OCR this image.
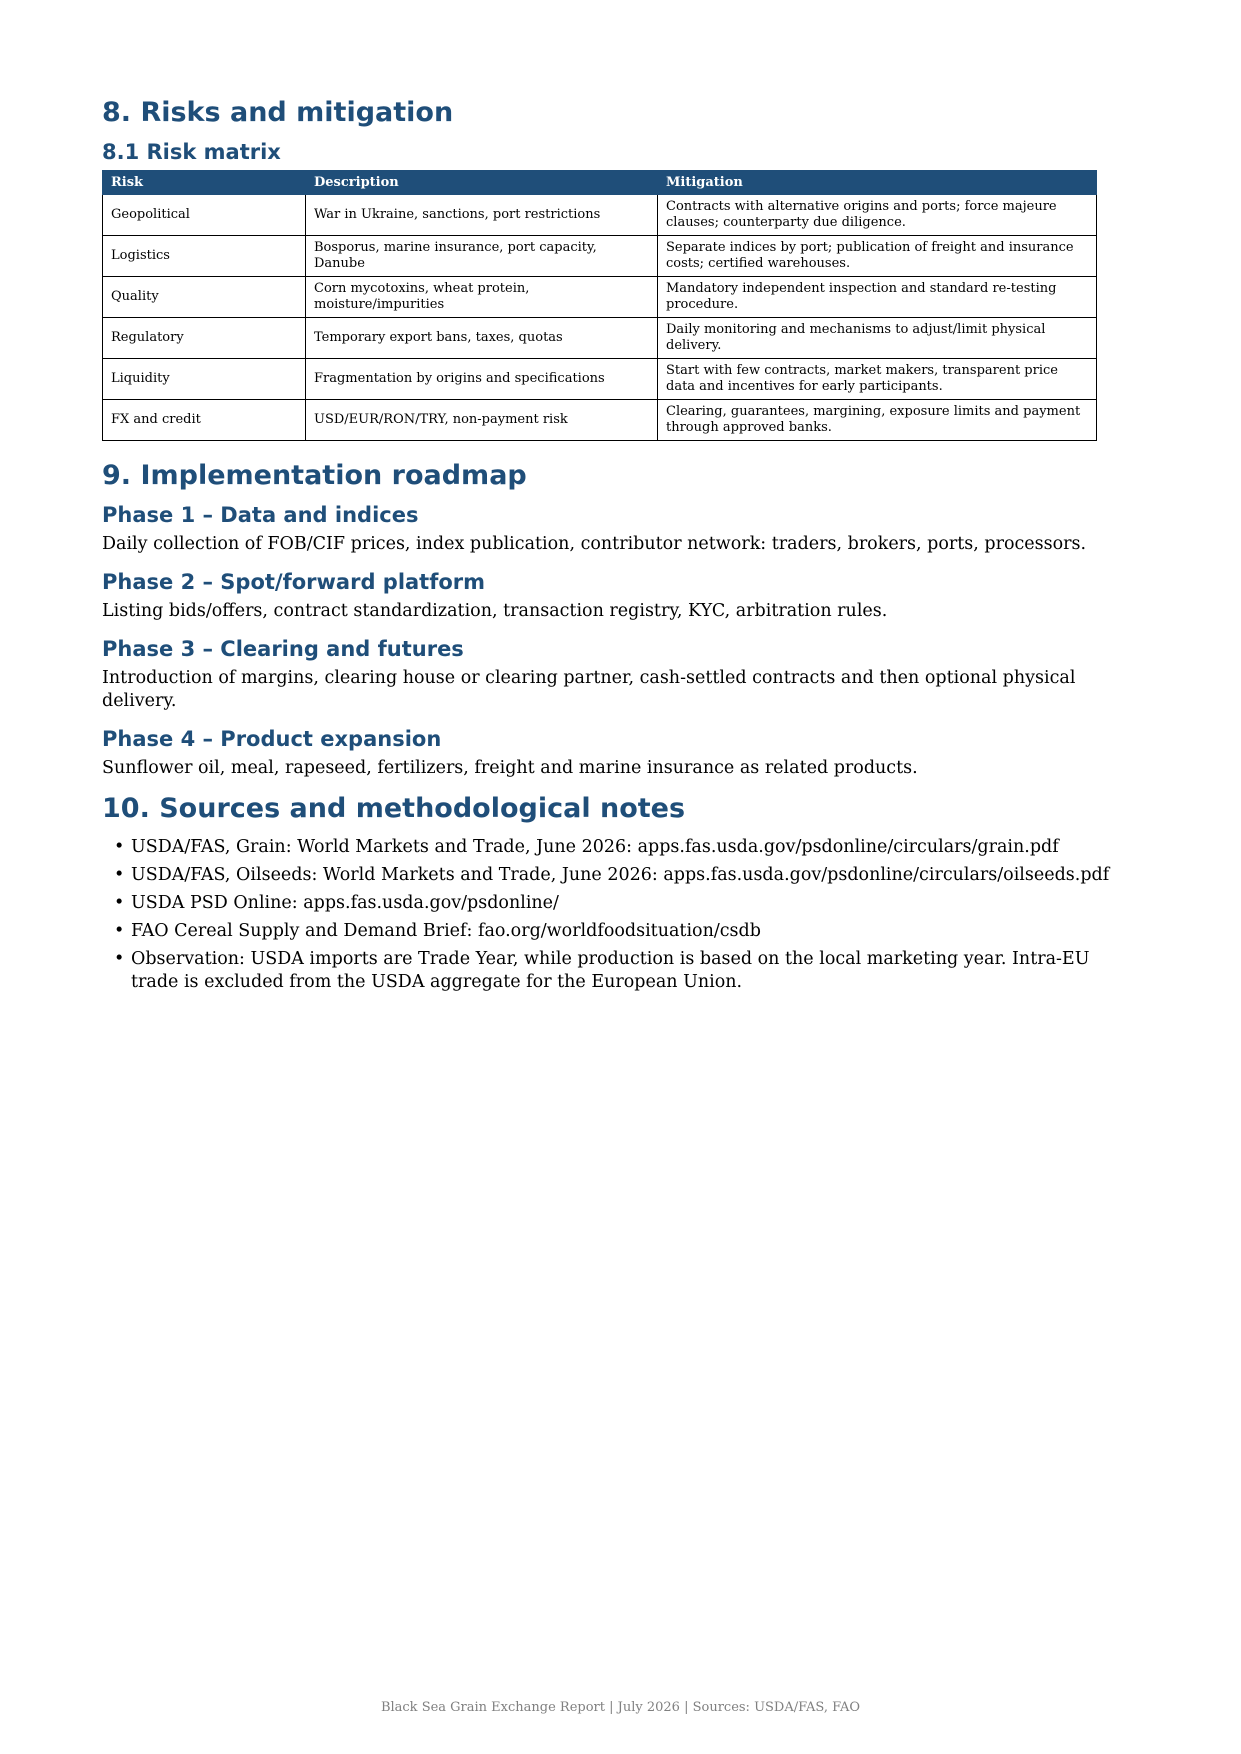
8. Risks and mitigation
8.1 Risk matrix
Risk	Description	Mitigation
Geopolitical	War in Ukraine, sanctions, port restrictions	Contracts with alternative origins and ports; force majeure clauses; counterparty due diligence.
Logistics	Bosporus, marine insurance, port capacity, Danube	Separate indices by port; publication of freight and insurance costs; certified warehouses.
Quality	Corn mycotoxins, wheat protein, moisture/impurities	Mandatory independent inspection and standard re-testing procedure.
Regulatory	Temporary export bans, taxes, quotas	Daily monitoring and mechanisms to adjust/limit physical delivery.
Liquidity	Fragmentation by origins and specifications	Start with few contracts, market makers, transparent price data and incentives for early participants.
FX and credit	USD/EUR/RON/TRY, non-payment risk	Clearing, guarantees, margining, exposure limits and payment through approved banks.
9. Implementation roadmap
Phase 1 – Data and indices

Daily collection of FOB/CIF prices, index publication, contributor network: traders, brokers, ports, processors.

Phase 2 – Spot/forward platform

Listing bids/offers, contract standardization, transaction registry, KYC, arbitration rules.

Phase 3 – Clearing and futures

Introduction of margins, clearing house or clearing partner, cash-settled contracts and then optional physical delivery.

Phase 4 – Product expansion

Sunflower oil, meal, rapeseed, fertilizers, freight and marine insurance as related products.

10. Sources and methodological notes
• USDA/FAS, Grain: World Markets and Trade, June 2026: apps.fas.usda.gov/psdonline/circulars/grain.pdf
• USDA/FAS, Oilseeds: World Markets and Trade, June 2026: apps.fas.usda.gov/psdonline/circulars/oilseeds.pdf
• USDA PSD Online: apps.fas.usda.gov/psdonline/
• FAO Cereal Supply and Demand Brief: fao.org/worldfoodsituation/csdb
• Observation: USDA imports are Trade Year, while production is based on the local marketing year. Intra-EU trade is excluded from the USDA aggregate for the European Union.
Black Sea Grain Exchange Report | July 2026 | Sources: USDA/FAS, FAO
